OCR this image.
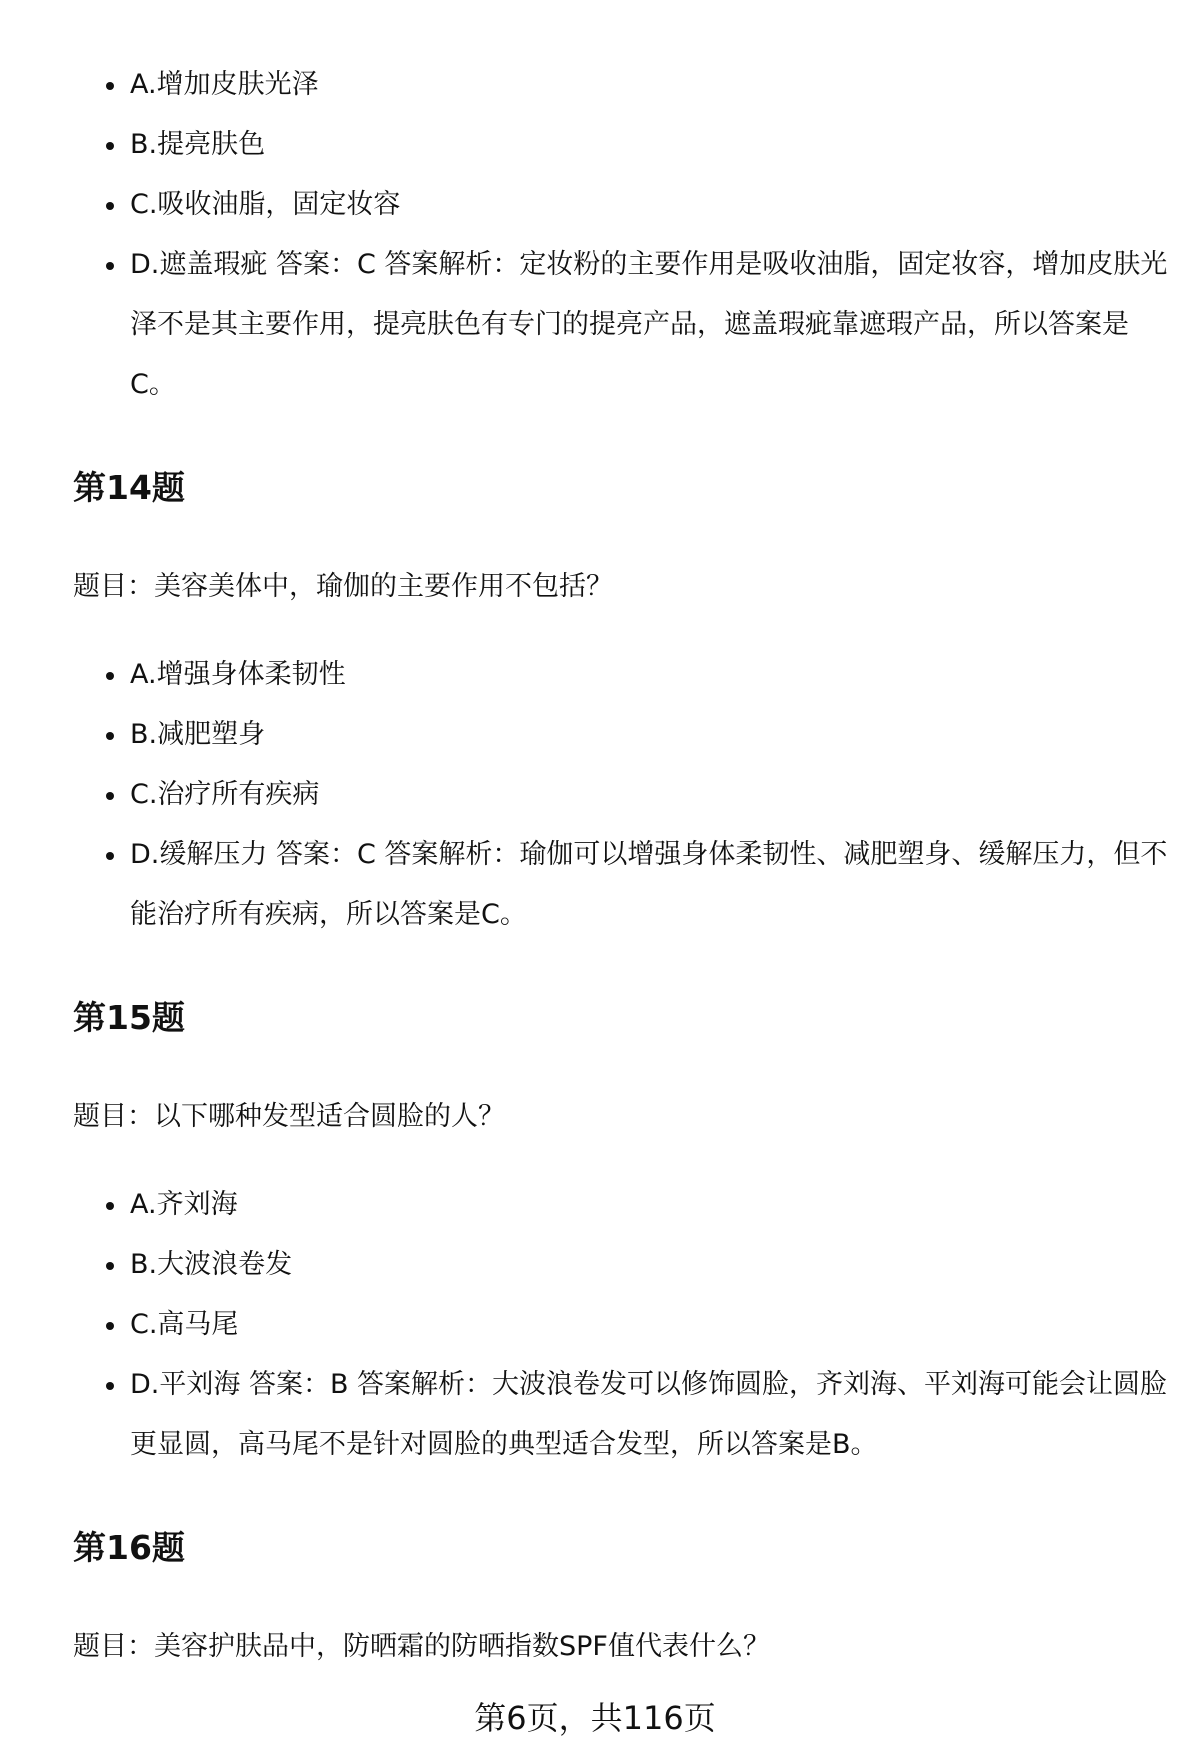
A.增加皮肤光泽
B.提亮肤色
C.吸收油脂，固定妆容
D.遮盖瑕疵 答案：C 答案解析：定妆粉的主要作用是吸收油脂，固定妆容，增加皮肤光泽不是其主要作用，提亮肤色有专门的提亮产品，遮盖瑕疵靠遮瑕产品，所以答案是C。
第14题
题目：美容美体中，瑜伽的主要作用不包括？
A.增强身体柔韧性
B.减肥塑身
C.治疗所有疾病
D.缓解压力 答案：C 答案解析：瑜伽可以增强身体柔韧性、减肥塑身、缓解压力，但不能治疗所有疾病，所以答案是C。
第15题
题目：以下哪种发型适合圆脸的人？
A.齐刘海
B.大波浪卷发
C.高马尾
D.平刘海 答案：B 答案解析：大波浪卷发可以修饰圆脸，齐刘海、平刘海可能会让圆脸更显圆，高马尾不是针对圆脸的典型适合发型，所以答案是B。
第16题
题目：美容护肤品中，防晒霜的防晒指数SPF值代表什么？
第6页，共116页
